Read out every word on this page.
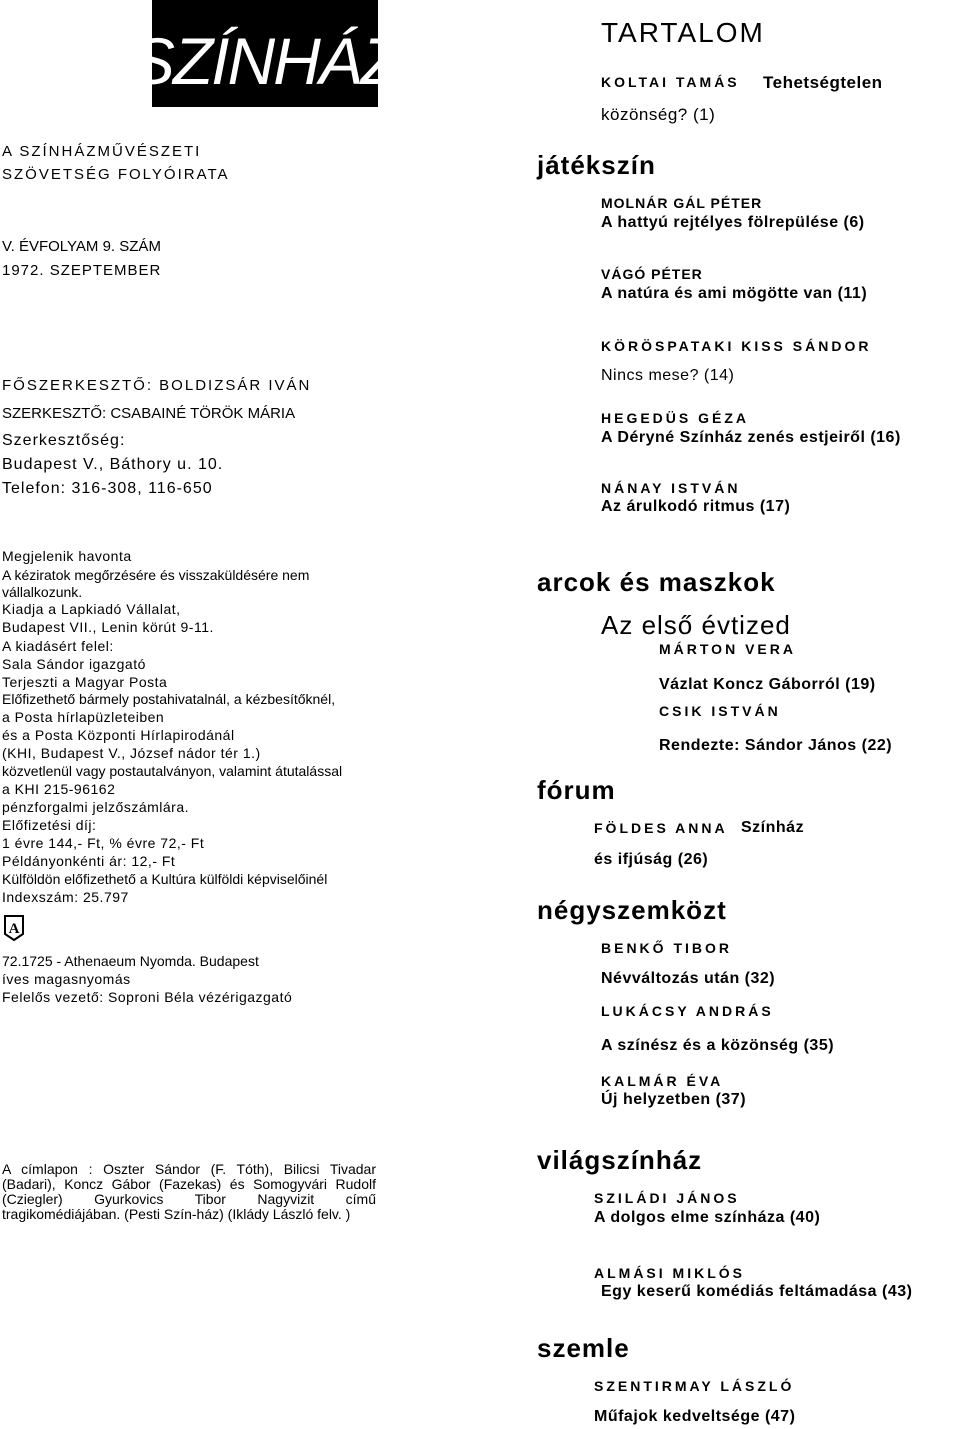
SZÍNHÁZ
A SZÍNHÁZMŰVÉSZETI
SZÖVETSÉG FOLYÓIRATA
V. ÉVFOLYAM 9. SZÁM
1972. SZEPTEMBER
FŐSZERKESZTŐ: BOLDIZSÁR IVÁN
SZERKESZTŐ: CSABAINÉ TÖRÖK MÁRIA
Szerkesztőség:
Budapest V., Báthory u. 10.
Telefon: 316-308, 116-650
Megjelenik havonta
A kéziratok megőrzésére és visszaküldésére nem
vállalkozunk.
Kiadja a Lapkiadó Vállalat,
Budapest VII., Lenin körút 9-11.
A kiadásért felel:
Sala Sándor igazgató
Terjeszti a Magyar Posta
Előfizethető bármely postahivatalnál, a kézbesítőknél,
a Posta hírlapüzleteiben
és a Posta Központi Hírlapirodánál
(KHI, Budapest V., József nádor tér 1.)
közvetlenül vagy postautalványon, valamint átutalással
a KHI 215-96162
pénzforgalmi jelzőszámlára.
Előfizetési díj:
1 évre 144,- Ft, % évre 72,- Ft
Példányonkénti ár: 12,- Ft
Külföldön előfizethető a Kultúra külföldi képviselőinél
Indexszám: 25.797
A
72.1725 - Athenaeum Nyomda. Budapest
íves magasnyomás
Felelős vezető: Soproni Béla vézérigazgató
A címlapon : Oszter Sándor (F. Tóth), Bilicsi Tivadar (Badari), Koncz Gábor (Fazekas) és Somogyvári Rudolf (Cziegler) Gyurkovics Tibor Nagyvizit című tragikomédiájában. (Pesti Szín-ház) (Iklády László felv. )
TARTALOM
KOLTAI TAMÁS Tehetségtelen
közönség? (1)
játékszín
MOLNÁR GÁL PÉTER
A hattyú rejtélyes fölrepülése (6)
VÁGÓ PÉTER
A natúra és ami mögötte van (11)
KÖRÖSPATAKI KISS SÁNDOR
Nincs mese? (14)
HEGEDÜS GÉZA
A Déryné Színház zenés estjeiről (16)
NÁNAY ISTVÁN
Az árulkodó ritmus (17)
arcok és maszkok
Az első évtized
MÁRTON VERA
Vázlat Koncz Gáborról (19)
CSIK ISTVÁN
Rendezte: Sándor János (22)
fórum
FÖLDES ANNA Színház
és ifjúság (26)
négyszemközt
BENKŐ TIBOR
Névváltozás után (32)
LUKÁCSY ANDRÁS
A színész és a közönség (35)
KALMÁR ÉVA
Új helyzetben (37)
világszínház
SZILÁDI JÁNOS
A dolgos elme színháza (40)
ALMÁSI MIKLÓS
Egy keserű komédiás feltámadása (43)
szemle
SZENTIRMAY LÁSZLÓ
Műfajok kedveltsége (47)
